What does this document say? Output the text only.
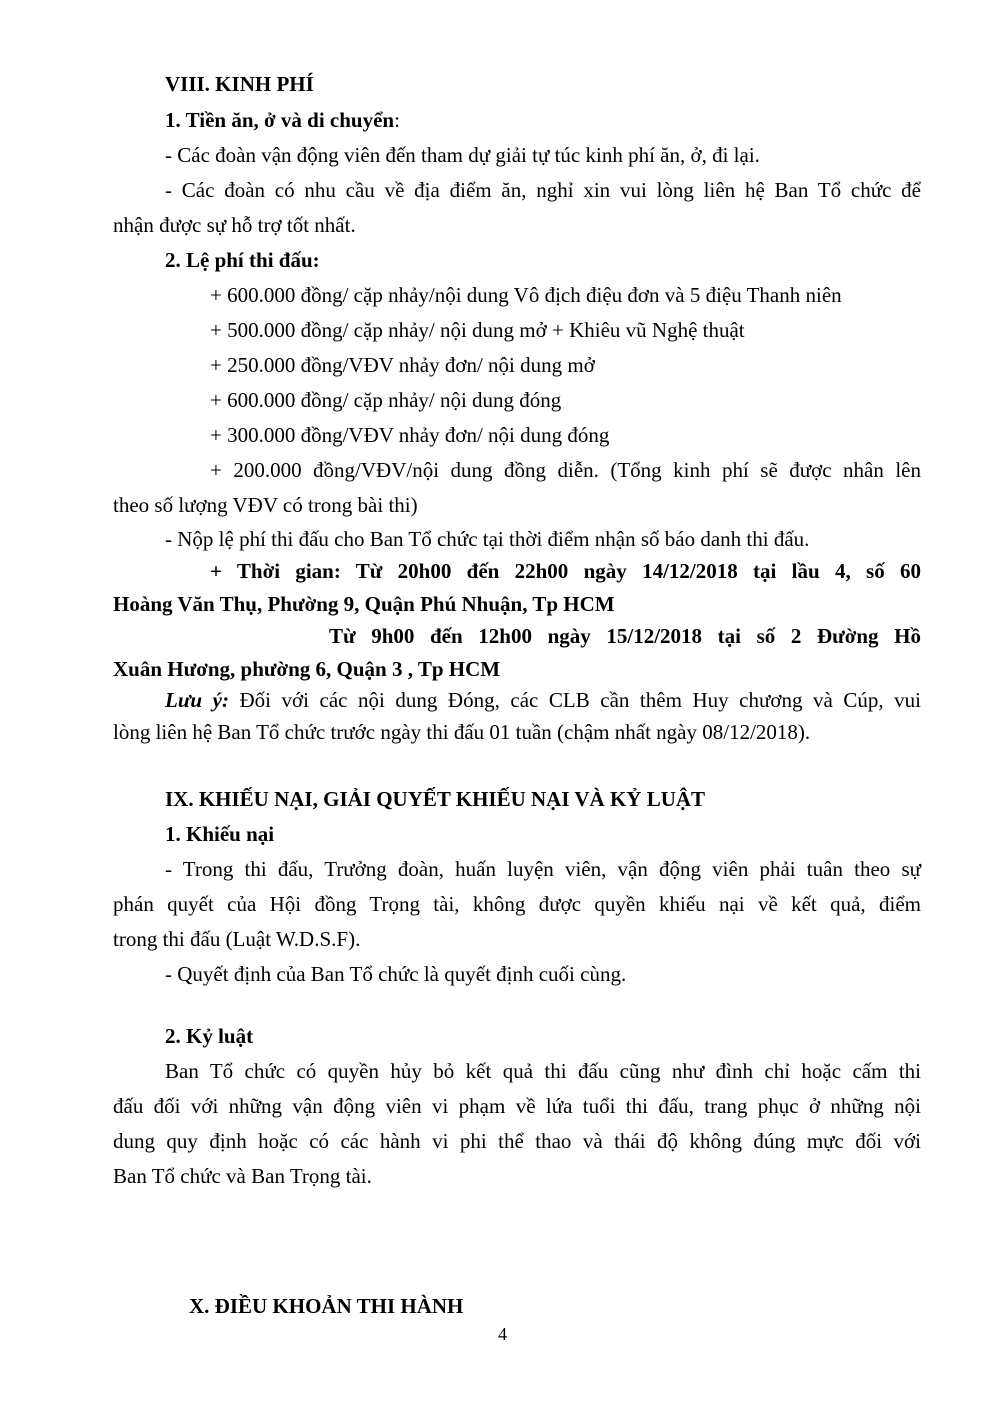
VIII. KINH PHÍ
1. Tiền ăn, ở và di chuyển:
- Các đoàn vận động viên đến tham dự giải tự túc kinh phí ăn, ở, đi lại.
- Các đoàn có nhu cầu về địa điểm ăn, nghỉ xin vui lòng liên hệ Ban Tổ chức để
nhận được sự hỗ trợ tốt nhất.
2. Lệ phí thi đấu:
+ 600.000 đồng/ cặp nhảy/nội dung Vô địch điệu đơn và 5 điệu Thanh niên
+ 500.000 đồng/ cặp nhảy/ nội dung mở + Khiêu vũ Nghệ thuật
+ 250.000 đồng/VĐV nhảy đơn/ nội dung mở
+ 600.000 đồng/ cặp nhảy/ nội dung đóng
+ 300.000 đồng/VĐV nhảy đơn/ nội dung đóng
+ 200.000 đồng/VĐV/nội dung đồng diễn. (Tổng kinh phí sẽ được nhân lên
theo số lượng VĐV có trong bài thi)
- Nộp lệ phí thi đấu cho Ban Tổ chức tại thời điểm nhận số báo danh thi đấu.
+ Thời gian: Từ 20h00 đến 22h00 ngày 14/12/2018 tại lầu 4, số 60
Hoàng Văn Thụ, Phường 9, Quận Phú Nhuận, Tp HCM
Từ 9h00 đến 12h00 ngày 15/12/2018 tại số 2 Đường Hồ
Xuân Hương, phường 6, Quận 3 , Tp HCM
Lưu ý: Đối với các nội dung Đóng, các CLB cần thêm Huy chương và Cúp, vui
lòng liên hệ Ban Tổ chức trước ngày thi đấu 01 tuần (chậm nhất ngày 08/12/2018).
IX. KHIẾU NẠI, GIẢI QUYẾT KHIẾU NẠI VÀ KỶ LUẬT
1. Khiếu nại
- Trong thi đấu, Trưởng đoàn, huấn luyện viên, vận động viên phải tuân theo sự
phán quyết của Hội đồng Trọng tài, không được quyền khiếu nại về kết quả, điểm
trong thi đấu (Luật W.D.S.F).
- Quyết định của Ban Tổ chức là quyết định cuối cùng.
2. Kỷ luật
Ban Tổ chức có quyền hủy bỏ kết quả thi đấu cũng như đình chỉ hoặc cấm thi
đấu đối với những vận động viên vi phạm về lứa tuổi thi đấu, trang phục ở những nội
dung quy định hoặc có các hành vi phi thể thao và thái độ không đúng mực đối với
Ban Tổ chức và Ban Trọng tài.
X. ĐIỀU KHOẢN THI HÀNH
4
